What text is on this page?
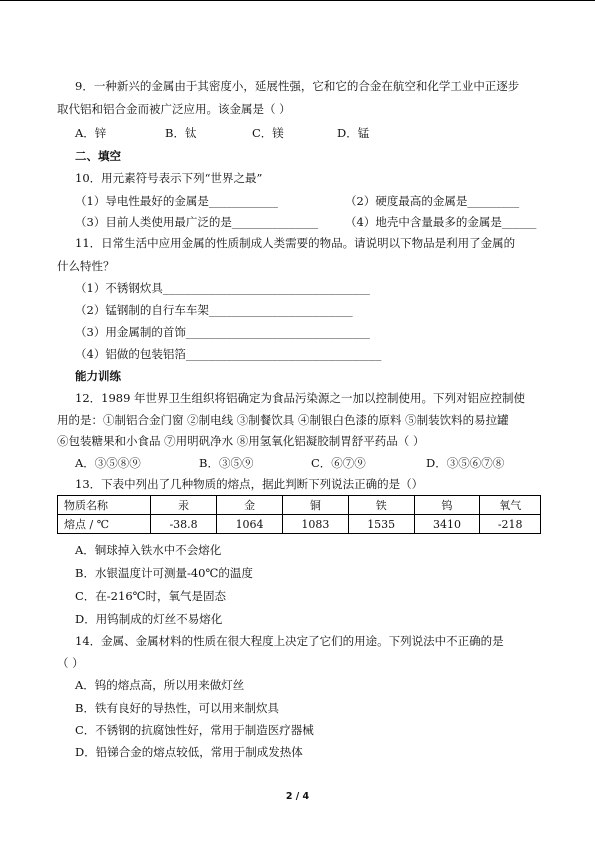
9．一种新兴的金属由于其密度小，延展性强，它和它的合金在航空和化学工业中正逐步
取代铝和铝合金而被广泛应用。该金属是（ ）
A．锌	B．钛	C．镁	D．锰
二、填空
10．用元素符号表示下列“世界之最”
（1）导电性最好的金属是____________	（2）硬度最高的金属是_________
（3）目前人类使用最广泛的是_______________ （4）地壳中含量最多的金属是______
11．日常生活中应用金属的性质制成人类需要的物品。请说明以下物品是利用了金属的
什么特性？
（1）不锈钢炊具____________________________________
（2）锰钢制的自行车车架_________________________
（3）用金属制的首饰________________________________
（4）铝做的包装铝箔__________________________________
能力训练
12．1989 年世界卫生组织将铝确定为食品污染源之一加以控制使用。下列对铝应控制使
用的是：①制铝合金门窗 ②制电线 ③制餐饮具 ④制银白色漆的原料 ⑤制装饮料的易拉罐
⑥包装糖果和小食品 ⑦用明矾净水 ⑧用氢氧化铝凝胶制胃舒平药品（ ）
A．③⑤⑧⑨	B．③⑤⑨	C．⑥⑦⑨	D．③⑤⑥⑦⑧
13．下表中列出了几种物质的熔点，据此判断下列说法正确的是（）
物质名称	汞	金	铜	铁	钨	氧气
熔点 / ℃	-38.8	1064	1083	1535	3410	-218
A．铜球掉入铁水中不会熔化
B．水银温度计可测量-40℃的温度
C．在-216℃时，氧气是固态
D．用钨制成的灯丝不易熔化
14．金属、金属材料的性质在很大程度上决定了它们的用途。下列说法中不正确的是
（ ）
A．钨的熔点高，所以用来做灯丝
B．铁有良好的导热性，可以用来制炊具
C．不锈钢的抗腐蚀性好，常用于制造医疗器械
D．铅锑合金的熔点较低，常用于制成发热体
2 / 4
